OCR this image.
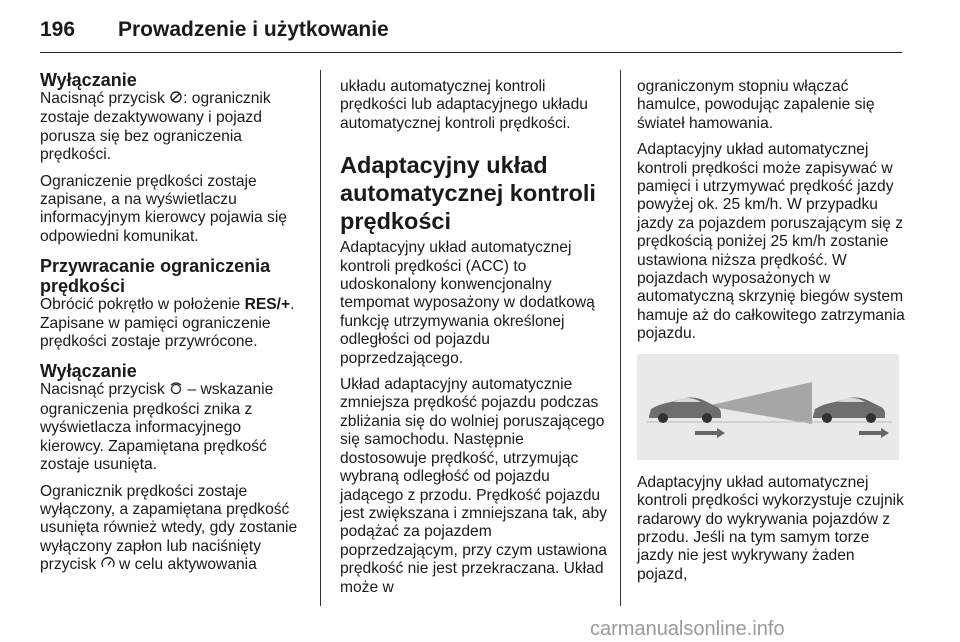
196 Prowadzenie i użytkowanie
Wyłączanie

Nacisnąć przycisk : ogranicznik zostaje dezaktywowany i pojazd porusza się bez ograniczenia prędkości.

Ograniczenie prędkości zostaje zapisane, a na wyświetlaczu informacyjnym kierowcy pojawia się odpowiedni komunikat.

Przywracanie ograniczenia prędkości

Obrócić pokrętło w położenie RES/+. Zapisane w pamięci ograniczenie prędkości zostaje przywrócone.

Wyłączanie

Nacisnąć przycisk  – wskazanie ograniczenia prędkości znika z wyświetlacza informacyjnego kierowcy. Zapamiętana prędkość zostaje usunięta.

Ogranicznik prędkości zostaje wyłączony, a zapamiętana prędkość usunięta również wtedy, gdy zostanie wyłączony zapłon lub naciśnięty przycisk  w celu aktywowania

układu automatycznej kontroli prędkości lub adaptacyjnego układu automatycznej kontroli prędkości.

Adaptacyjny układ automatycznej kontroli prędkości

Adaptacyjny układ automatycznej kontroli prędkości (ACC) to udoskonalony konwencjonalny tempomat wyposażony w dodatkową funkcję utrzymywania określonej odległości od pojazdu poprzedzającego.

Układ adaptacyjny automatycznie zmniejsza prędkość pojazdu podczas zbliżania się do wolniej poruszającego się samochodu. Następnie dostosowuje prędkość, utrzymując wybraną odległość od pojazdu jadącego z przodu. Prędkość pojazdu jest zwiększana i zmniejszana tak, aby podążać za pojazdem poprzedzającym, przy czym ustawiona prędkość nie jest przekraczana. Układ może w

ograniczonym stopniu włączać hamulce, powodując zapalenie się świateł hamowania.

Adaptacyjny układ automatycznej kontroli prędkości może zapisywać w pamięci i utrzymywać prędkość jazdy powyżej ok. 25 km/h. W przypadku jazdy za pojazdem poruszającym się z prędkością poniżej 25 km/h zostanie ustawiona niższa prędkość. W pojazdach wyposażonych w automatyczną skrzynię biegów system hamuje aż do całkowitego zatrzymania pojazdu.

Adaptacyjny układ automatycznej kontroli prędkości wykorzystuje czujnik radarowy do wykrywania pojazdów z przodu. Jeśli na tym samym torze jazdy nie jest wykrywany żaden pojazd,

carmanualsonline.info
